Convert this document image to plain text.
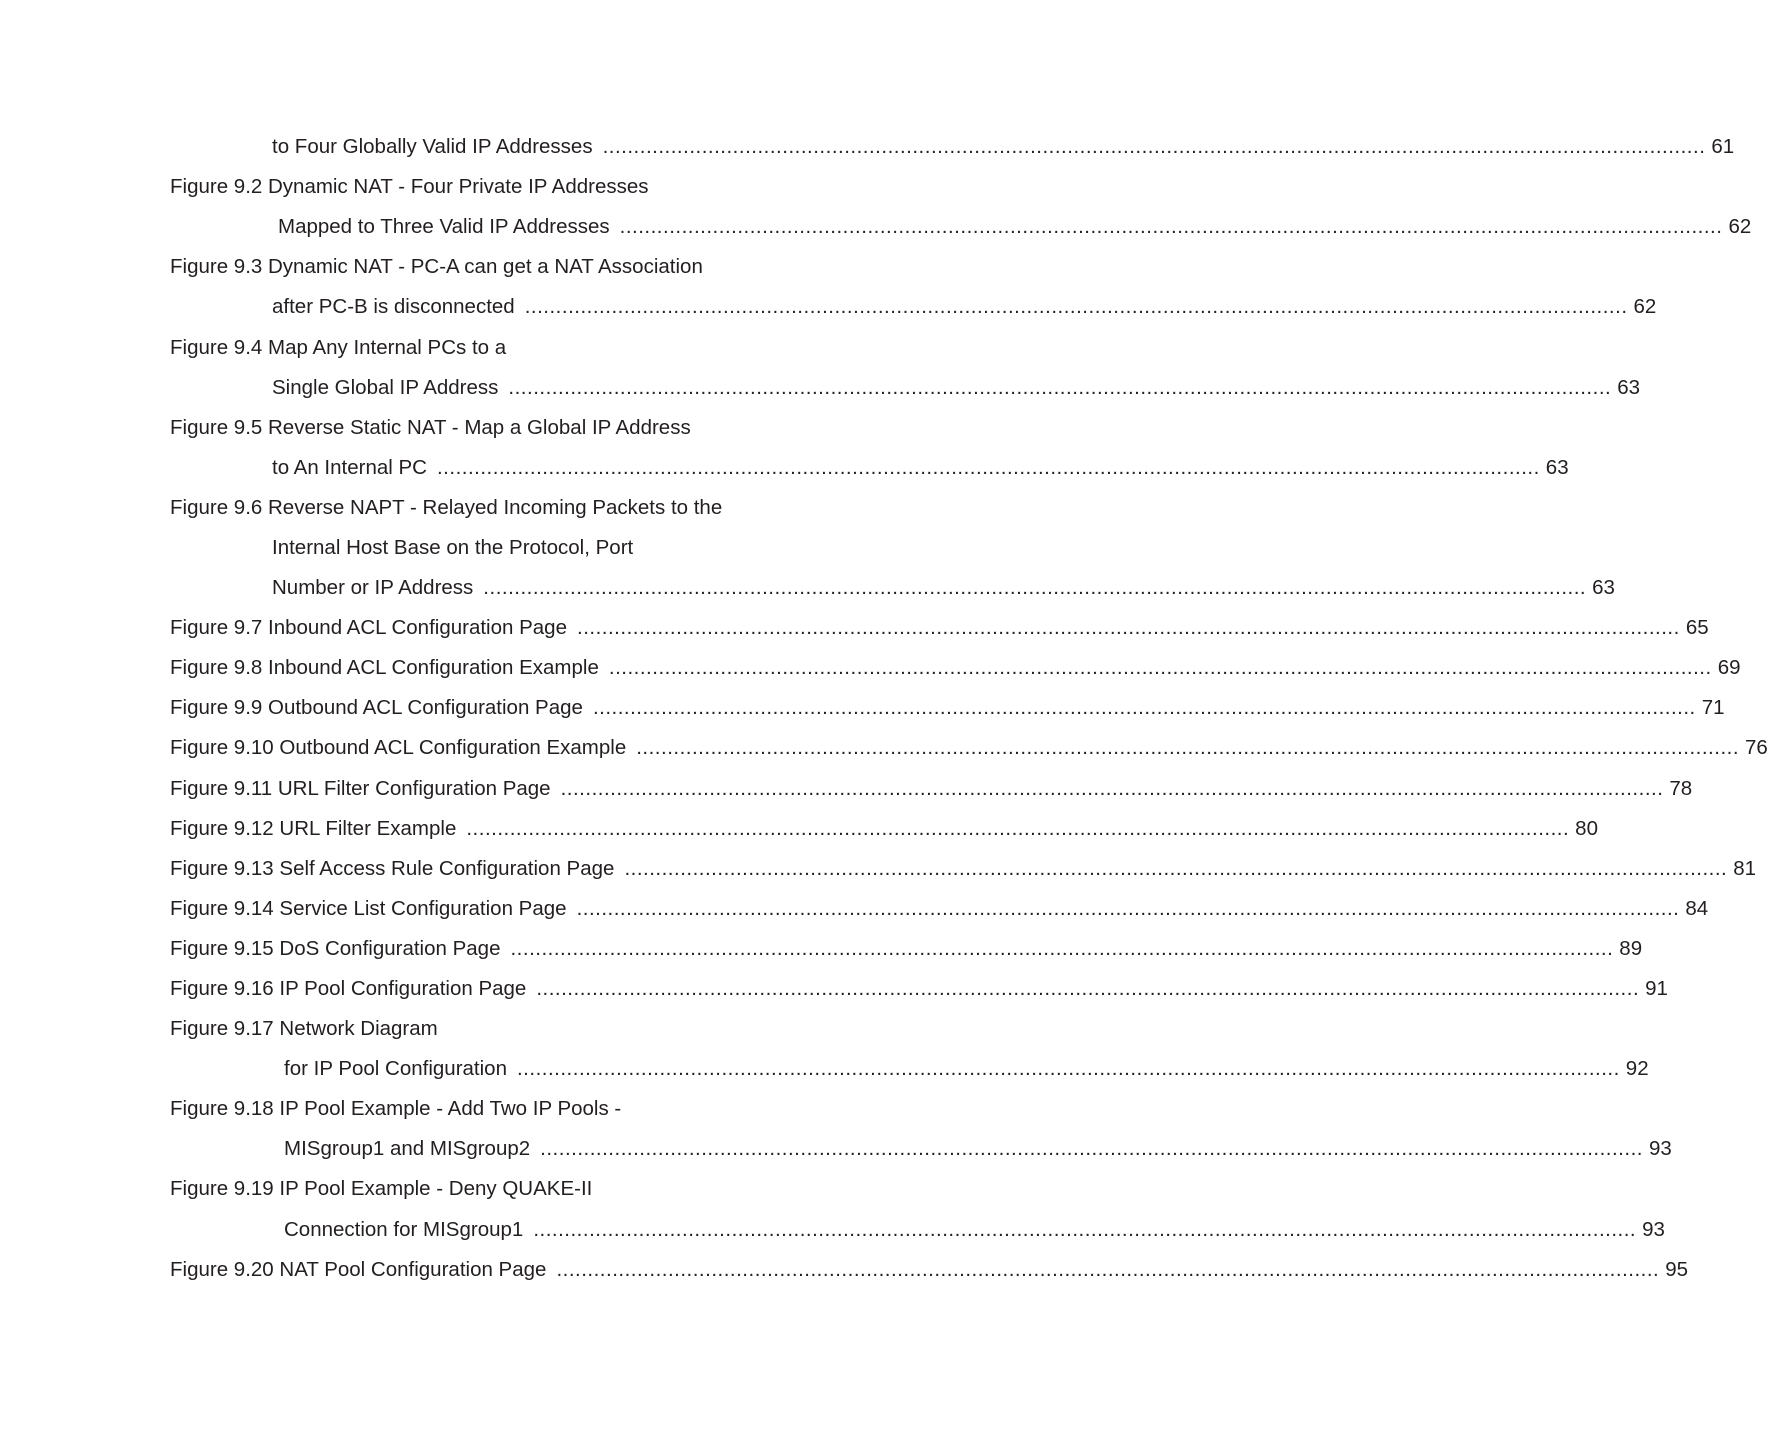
to Four Globally Valid IP Addresses .................................................................................................................................................................................. 61
Figure 9.2 Dynamic NAT - Four Private IP Addresses
Mapped to Three Valid IP Addresses .................................................................................................................................................................................. 62
Figure 9.3 Dynamic NAT - PC-A can get a NAT Association
after PC-B is disconnected .................................................................................................................................................................................. 62
Figure 9.4 Map Any Internal PCs to a
Single Global IP Address .................................................................................................................................................................................. 63
Figure 9.5 Reverse Static NAT - Map a Global IP Address
to An Internal PC .................................................................................................................................................................................. 63
Figure 9.6 Reverse NAPT - Relayed Incoming Packets to the
Internal Host Base on the Protocol, Port
Number or IP Address .................................................................................................................................................................................. 63
Figure 9.7 Inbound ACL Configuration Page .................................................................................................................................................................................. 65
Figure 9.8 Inbound ACL Configuration Example .................................................................................................................................................................................. 69
Figure 9.9 Outbound ACL Configuration Page .................................................................................................................................................................................. 71
Figure 9.10 Outbound ACL Configuration Example .................................................................................................................................................................................. 76
Figure 9.11 URL Filter Configuration Page .................................................................................................................................................................................. 78
Figure 9.12 URL Filter Example .................................................................................................................................................................................. 80
Figure 9.13 Self Access Rule Configuration Page .................................................................................................................................................................................. 81
Figure 9.14 Service List Configuration Page .................................................................................................................................................................................. 84
Figure 9.15 DoS Configuration Page .................................................................................................................................................................................. 89
Figure 9.16 IP Pool Configuration Page .................................................................................................................................................................................. 91
Figure 9.17 Network Diagram
for IP Pool Configuration .................................................................................................................................................................................. 92
Figure 9.18 IP Pool Example - Add Two IP Pools -
MISgroup1 and MISgroup2 .................................................................................................................................................................................. 93
Figure 9.19 IP Pool Example - Deny QUAKE-II
Connection for MISgroup1 .................................................................................................................................................................................. 93
Figure 9.20 NAT Pool Configuration Page .................................................................................................................................................................................. 95
